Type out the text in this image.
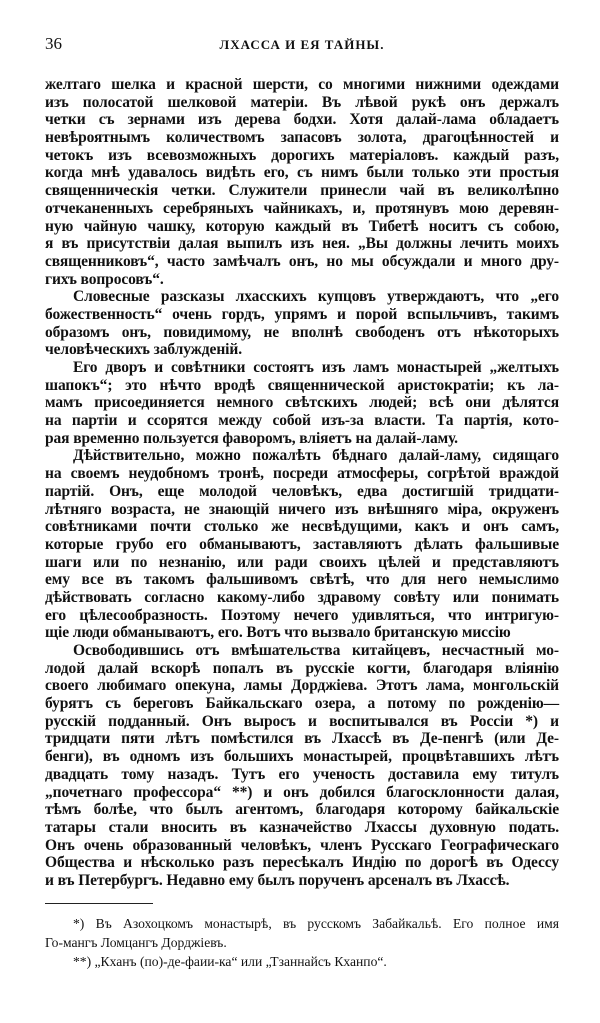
36	ЛХАССА И ЕЯ ТАЙНЫ.
желтаго шелка и красной шерсти, со многими нижними одеждами
изъ полосатой шелковой матеріи. Въ лѣвой рукѣ онъ держалъ
четки съ зернами изъ дерева бодхи. Хотя далай-лама обладаетъ
невѣроятнымъ количествомъ запасовъ золота, драгоцѣнностей и
четокъ изъ всевозможныхъ дорогихъ матеріаловъ. каждый разъ,
когда мнѣ удавалось видѣть его, съ нимъ были только эти простыя
священническія четки. Служители принесли чай въ великолѣпно
отчеканенныхъ серебряныхъ чайникахъ, и, протянувъ мою деревян-
ную чайную чашку, которую каждый въ Тибетѣ носитъ съ собою,
я въ присутствіи далая выпилъ изъ нея. „Вы должны лечить моихъ
священниковъ“, часто замѣчалъ онъ, но мы обсуждали и много дру-
гихъ вопросовъ“.
Словесные разсказы лхасскихъ купцовъ утверждаютъ, что „его
божественность“ очень гордъ, упрямъ и порой вспыльчивъ, такимъ
образомъ онъ, повидимому, не вполнѣ свободенъ отъ нѣкоторыхъ
человѣческихъ заблужденій.
Его дворъ и совѣтники состоятъ изъ ламъ монастырей „желтыхъ
шапокъ“; это нѣчто вродѣ священнической аристократіи; къ ла-
мамъ присоединяется немного свѣтскихъ людей; всѣ они дѣлятся
на партіи и ссорятся между собой изъ-за власти. Та партія, кото-
рая временно пользуется фаворомъ, вліяетъ на далай-ламу.
Дѣйствительно, можно пожалѣть бѣднаго далай-ламу, сидящаго
на своемъ неудобномъ тронѣ, посреди атмосферы, согрѣтой враждой
партій. Онъ, еще молодой человѣкъ, едва достигшій тридцати-
лѣтняго возраста, не знающій ничего изъ внѣшняго міра, окруженъ
совѣтниками почти столько же несвѣдущими, какъ и онъ самъ,
которые грубо его обманываютъ, заставляютъ дѣлать фальшивые
шаги или по незнанію, или ради своихъ цѣлей и представляютъ
ему все въ такомъ фальшивомъ свѣтѣ, что для него немыслимо
дѣйствовать согласно какому-либо здравому совѣту или понимать
его цѣлесообразность. Поэтому нечего удивляться, что интригую-
щіе люди обманываютъ, его. Вотъ что вызвало британскую миссію
Освободившись отъ вмѣшательства китайцевъ, несчастный мо-
лодой далай вскорѣ попалъ въ русскіе когти, благодаря вліянію
своего любимаго опекуна, ламы Дорджіева. Этотъ лама, монгольскій
бурятъ съ береговъ Байкальскаго озера, а потому по рожденію—
русскій подданный. Онъ выросъ и воспитывался въ Россіи *) и
тридцати пяти лѣтъ помѣстился въ Лхассѣ въ Де-пенгѣ (или Де-
бенги), въ одномъ изъ большихъ монастырей, процвѣтавшихъ лѣтъ
двадцать тому назадъ. Тутъ его ученость доставила ему титулъ
„почетнаго профессора“ **) и онъ добился благосклонности далая,
тѣмъ болѣе, что былъ агентомъ, благодаря которому байкальскіе
татары стали вносить въ казначейство Лхассы духовную подать.
Онъ очень образованный человѣкъ, членъ Русскаго Географическаго
Общества и нѣсколько разъ пересѣкалъ Индію по дорогѣ въ Одессу
и въ Петербургъ. Недавно ему былъ порученъ арсеналъ въ Лхассѣ.
*) Въ Азохоцкомъ монастырѣ, въ русскомъ Забайкальѣ. Его полное имя
Го-мангъ Ломцангъ Дорджіевъ.
**) „Кханъ (по)-де-фаии-ка“ или „Тзаннайсъ Кханпо“.
